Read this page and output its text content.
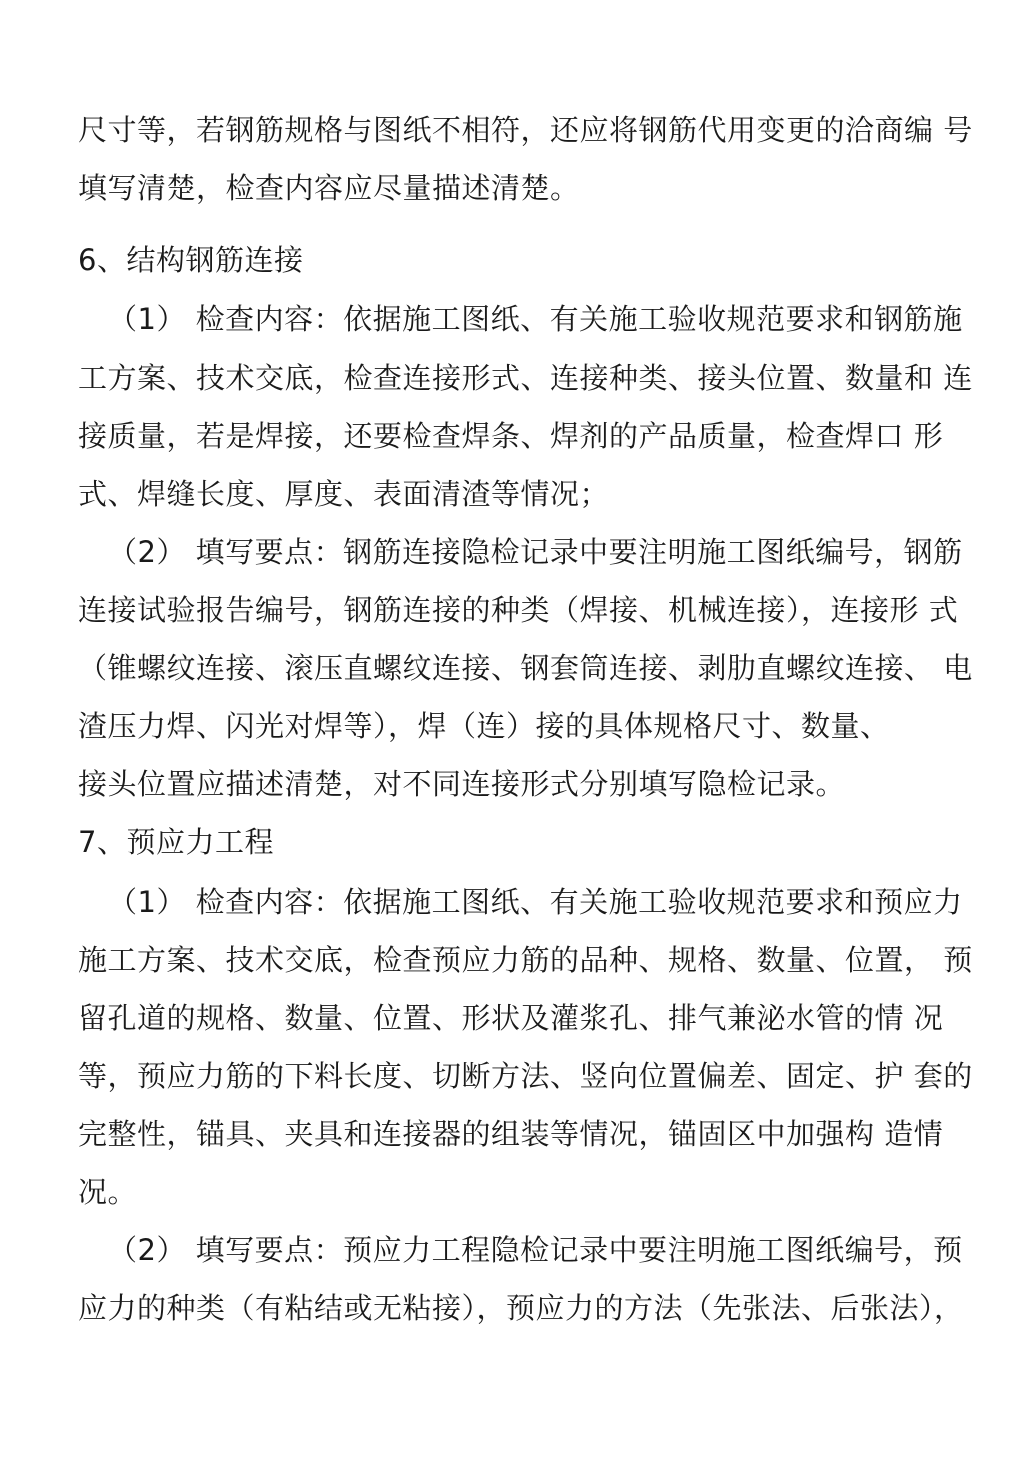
尺寸等，若钢筋规格与图纸不相符，还应将钢筋代用变更的洽商编 号
填写清楚，检查内容应尽量描述清楚。
6、结构钢筋连接
（1） 检查内容：依据施工图纸、有关施工验收规范要求和钢筋施
工方案、技术交底，检查连接形式、连接种类、接头位置、数量和 连
接质量，若是焊接，还要检查焊条、焊剂的产品质量，检查焊口 形
式、焊缝长度、厚度、表面清渣等情况；
（2） 填写要点：钢筋连接隐检记录中要注明施工图纸编号，钢筋
连接试验报告编号，钢筋连接的种类（焊接、机械连接），连接形 式
（锥螺纹连接、滚压直螺纹连接、钢套筒连接、剥肋直螺纹连接、 电
渣压力焊、闪光对焊等），焊（连）接的具体规格尺寸、数量、
接头位置应描述清楚，对不同连接形式分别填写隐检记录。
7、预应力工程
（1） 检查内容：依据施工图纸、有关施工验收规范要求和预应力
施工方案、技术交底，检查预应力筋的品种、规格、数量、位置， 预
留孔道的规格、数量、位置、形状及灌浆孔、排气兼泌水管的情 况
等，预应力筋的下料长度、切断方法、竖向位置偏差、固定、护 套的
完整性，锚具、夹具和连接器的组装等情况，锚固区中加强构 造情
况。
（2） 填写要点：预应力工程隐检记录中要注明施工图纸编号，预
应力的种类（有粘结或无粘接），预应力的方法（先张法、后张法），
